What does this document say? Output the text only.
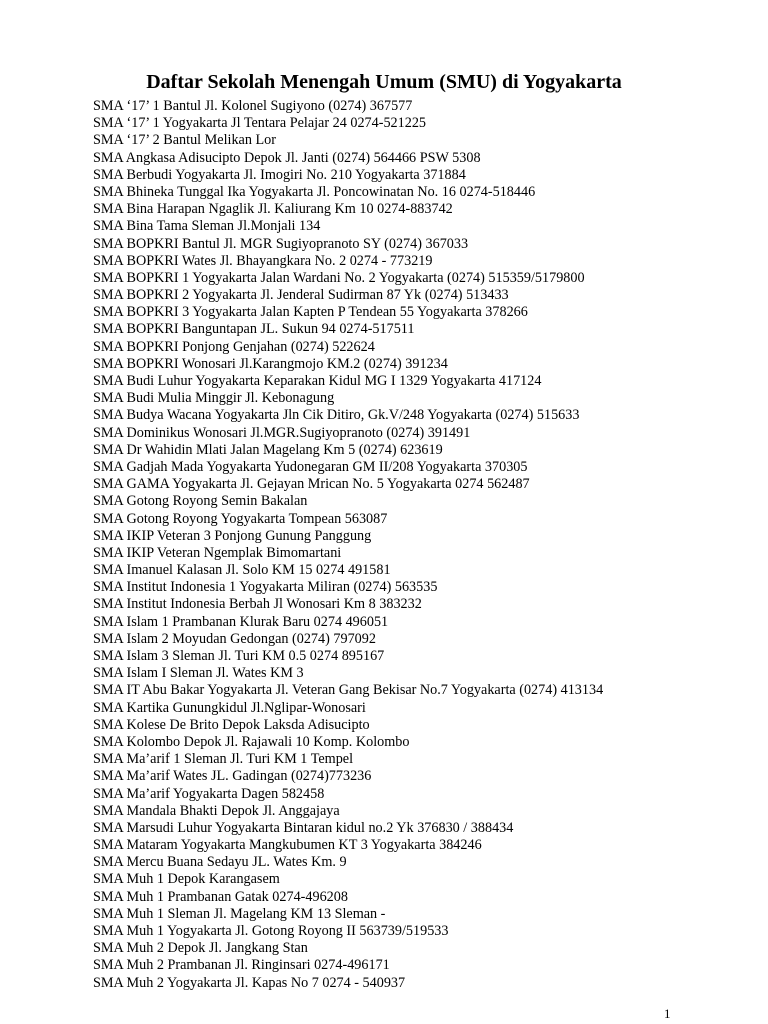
Daftar Sekolah Menengah Umum (SMU) di Yogyakarta
SMA ‘17’ 1 Bantul Jl. Kolonel Sugiyono (0274) 367577
SMA ‘17’ 1 Yogyakarta Jl Tentara Pelajar 24 0274-521225
SMA ‘17’ 2 Bantul Melikan Lor
SMA Angkasa Adisucipto Depok Jl. Janti (0274) 564466 PSW 5308
SMA Berbudi Yogyakarta Jl. Imogiri No. 210 Yogyakarta 371884
SMA Bhineka Tunggal Ika Yogyakarta Jl. Poncowinatan No. 16 0274-518446
SMA Bina Harapan Ngaglik Jl. Kaliurang Km 10 0274-883742
SMA Bina Tama Sleman Jl.Monjali 134
SMA BOPKRI Bantul Jl. MGR Sugiyopranoto SY (0274) 367033
SMA BOPKRI Wates Jl. Bhayangkara No. 2 0274 - 773219
SMA BOPKRI 1 Yogyakarta Jalan Wardani No. 2 Yogyakarta (0274) 515359/5179800
SMA BOPKRI 2 Yogyakarta Jl. Jenderal Sudirman 87 Yk (0274) 513433
SMA BOPKRI 3 Yogyakarta Jalan Kapten P Tendean 55 Yogyakarta 378266
SMA BOPKRI Banguntapan JL. Sukun 94 0274-517511
SMA BOPKRI Ponjong Genjahan (0274) 522624
SMA BOPKRI Wonosari Jl.Karangmojo KM.2 (0274) 391234
SMA Budi Luhur Yogyakarta Keparakan Kidul MG I 1329 Yogyakarta 417124
SMA Budi Mulia Minggir Jl. Kebonagung
SMA Budya Wacana Yogyakarta Jln Cik Ditiro, Gk.V/248 Yogyakarta (0274) 515633
SMA Dominikus Wonosari Jl.MGR.Sugiyopranoto (0274) 391491
SMA Dr Wahidin Mlati Jalan Magelang Km 5 (0274) 623619
SMA Gadjah Mada Yogyakarta Yudonegaran GM II/208 Yogyakarta 370305
SMA GAMA Yogyakarta Jl. Gejayan Mrican No. 5 Yogyakarta 0274 562487
SMA Gotong Royong Semin Bakalan
SMA Gotong Royong Yogyakarta Tompean 563087
SMA IKIP Veteran 3 Ponjong Gunung Panggung
SMA IKIP Veteran Ngemplak Bimomartani
SMA Imanuel Kalasan Jl. Solo KM 15 0274 491581
SMA Institut Indonesia 1 Yogyakarta Miliran (0274) 563535
SMA Institut Indonesia Berbah Jl Wonosari Km 8 383232
SMA Islam 1 Prambanan Klurak Baru 0274 496051
SMA Islam 2 Moyudan Gedongan (0274) 797092
SMA Islam 3 Sleman Jl. Turi KM 0.5 0274 895167
SMA Islam I Sleman Jl. Wates KM 3
SMA IT Abu Bakar Yogyakarta Jl. Veteran Gang Bekisar No.7 Yogyakarta (0274) 413134
SMA Kartika Gunungkidul Jl.Nglipar-Wonosari
SMA Kolese De Brito Depok Laksda Adisucipto
SMA Kolombo Depok Jl. Rajawali 10 Komp. Kolombo
SMA Ma’arif 1 Sleman Jl. Turi KM 1 Tempel
SMA Ma’arif Wates JL. Gadingan (0274)773236
SMA Ma’arif Yogyakarta Dagen 582458
SMA Mandala Bhakti Depok Jl. Anggajaya
SMA Marsudi Luhur Yogyakarta Bintaran kidul no.2 Yk 376830 / 388434
SMA Mataram Yogyakarta Mangkubumen KT 3 Yogyakarta 384246
SMA Mercu Buana Sedayu JL. Wates Km. 9
SMA Muh 1 Depok Karangasem
SMA Muh 1 Prambanan Gatak 0274-496208
SMA Muh 1 Sleman Jl. Magelang KM 13 Sleman -
SMA Muh 1 Yogyakarta Jl. Gotong Royong II 563739/519533
SMA Muh 2 Depok Jl. Jangkang Stan
SMA Muh 2 Prambanan Jl. Ringinsari 0274-496171
SMA Muh 2 Yogyakarta Jl. Kapas No 7 0274 - 540937
1
